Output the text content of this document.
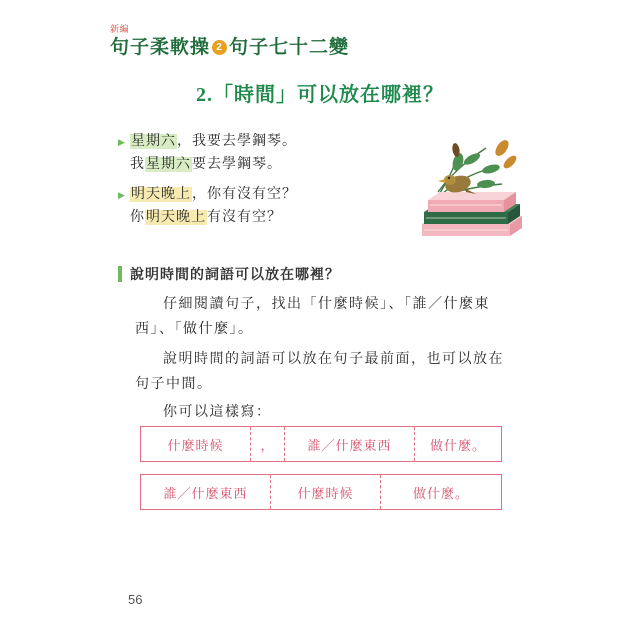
新編
句子柔軟操 2 句子七十二變
2.「時間」可以放在哪裡？
▶ 星期六，我要去學鋼琴。
我星期六要去學鋼琴。
▶ 明天晚上，你有沒有空？
你明天晚上有沒有空？
說明時間的詞語可以放在哪裡？
仔細閱讀句子，找出「什麼時候」、「誰／什麼東西」、「做什麼」。
說明時間的詞語可以放在句子最前面，也可以放在句子中間。
你可以這樣寫：
什麼時候	，	誰／什麼東西	做什麼。
誰／什麼東西	什麼時候	做什麼。
56
